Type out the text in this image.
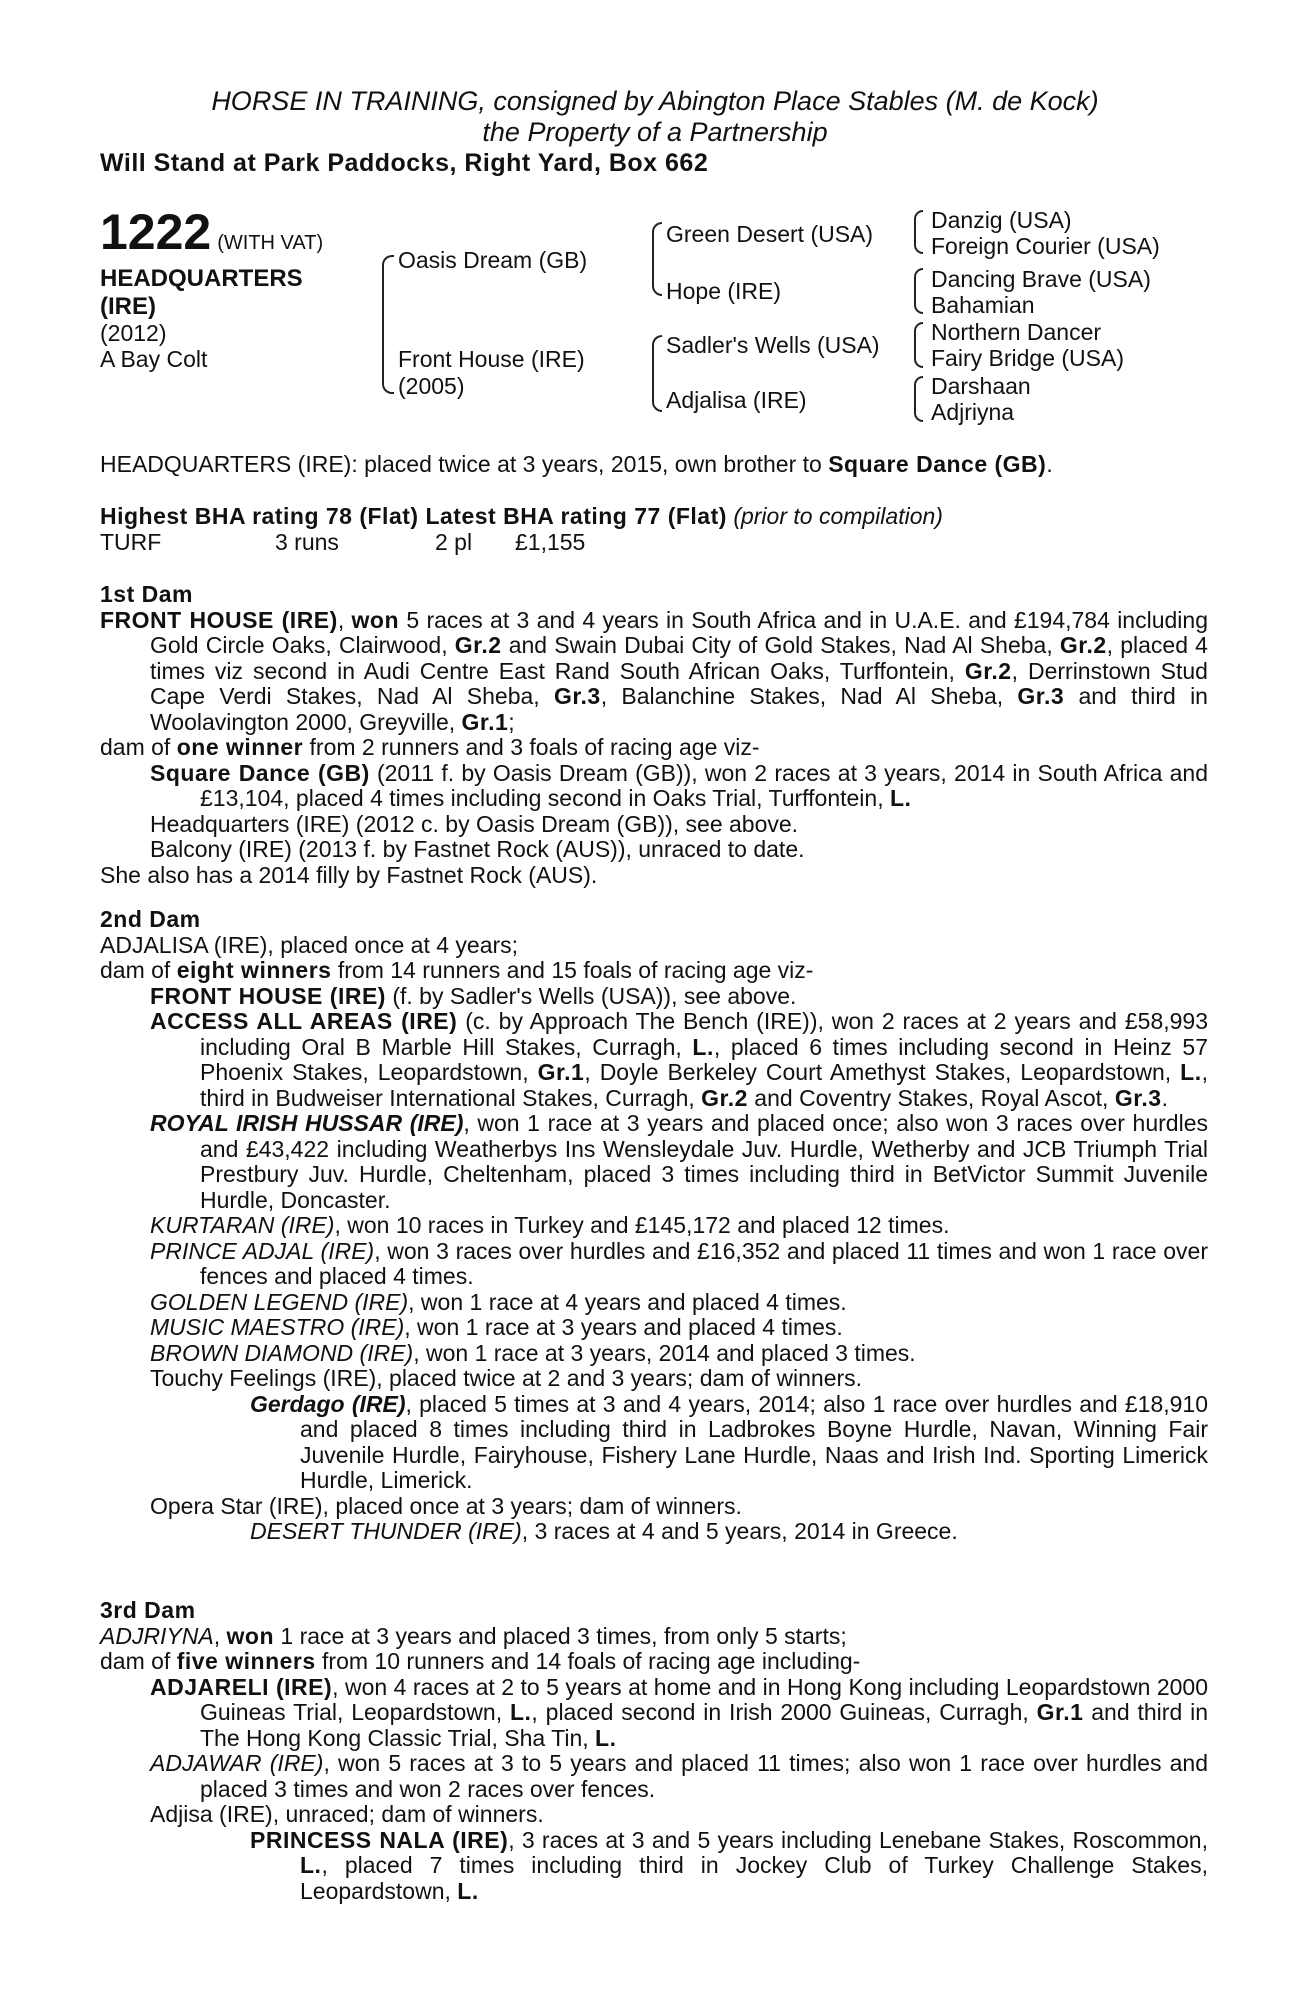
HORSE IN TRAINING, consigned by Abington Place Stables (M. de Kock)
the Property of a Partnership
Will Stand at Park Paddocks, Right Yard, Box 662
1222 (WITH VAT)
HEADQUARTERS
(IRE)
(2012)
A Bay Colt
Oasis Dream (GB)
Front House (IRE)
(2005)
Green Desert (USA)
Hope (IRE)
Sadler's Wells (USA)
Adjalisa (IRE)
Danzig (USA)
Foreign Courier (USA)
Dancing Brave (USA)
Bahamian
Northern Dancer
Fairy Bridge (USA)
Darshaan
Adjriyna

HEADQUARTERS (IRE): placed twice at 3 years, 2015, own brother to Square Dance (GB).

Highest BHA rating 78 (Flat) Latest BHA rating 77 (Flat) (prior to compilation)

TURF	3 runs	2 pl £1,155

1st Dam

FRONT HOUSE (IRE), won 5 races at 3 and 4 years in South Africa and in U.A.E. and £194,784 including Gold Circle Oaks, Clairwood, Gr.2 and Swain Dubai City of Gold Stakes, Nad Al Sheba, Gr.2, placed 4 times viz second in Audi Centre East Rand South African Oaks, Turffontein, Gr.2, Derrinstown Stud Cape Verdi Stakes, Nad Al Sheba, Gr.3, Balanchine Stakes, Nad Al Sheba, Gr.3 and third in Woolavington 2000, Greyville, Gr.1;

dam of one winner from 2 runners and 3 foals of racing age viz-

Square Dance (GB) (2011 f. by Oasis Dream (GB)), won 2 races at 3 years, 2014 in South Africa and £13,104, placed 4 times including second in Oaks Trial, Turffontein, L.

Headquarters (IRE) (2012 c. by Oasis Dream (GB)), see above.

Balcony (IRE) (2013 f. by Fastnet Rock (AUS)), unraced to date.

She also has a 2014 filly by Fastnet Rock (AUS).

2nd Dam

ADJALISA (IRE), placed once at 4 years;

dam of eight winners from 14 runners and 15 foals of racing age viz-

FRONT HOUSE (IRE) (f. by Sadler's Wells (USA)), see above.

ACCESS ALL AREAS (IRE) (c. by Approach The Bench (IRE)), won 2 races at 2 years and £58,993 including Oral B Marble Hill Stakes, Curragh, L., placed 6 times including second in Heinz 57 Phoenix Stakes, Leopardstown, Gr.1, Doyle Berkeley Court Amethyst Stakes, Leopardstown, L., third in Budweiser International Stakes, Curragh, Gr.2 and Coventry Stakes, Royal Ascot, Gr.3.

ROYAL IRISH HUSSAR (IRE), won 1 race at 3 years and placed once; also won 3 races over hurdles and £43,422 including Weatherbys Ins Wensleydale Juv. Hurdle, Wetherby and JCB Triumph Trial Prestbury Juv. Hurdle, Cheltenham, placed 3 times including third in BetVictor Summit Juvenile Hurdle, Doncaster.

KURTARAN (IRE), won 10 races in Turkey and £145,172 and placed 12 times.

PRINCE ADJAL (IRE), won 3 races over hurdles and £16,352 and placed 11 times and won 1 race over fences and placed 4 times.

GOLDEN LEGEND (IRE), won 1 race at 4 years and placed 4 times.

MUSIC MAESTRO (IRE), won 1 race at 3 years and placed 4 times.

BROWN DIAMOND (IRE), won 1 race at 3 years, 2014 and placed 3 times.

Touchy Feelings (IRE), placed twice at 2 and 3 years; dam of winners.

Gerdago (IRE), placed 5 times at 3 and 4 years, 2014; also 1 race over hurdles and £18,910 and placed 8 times including third in Ladbrokes Boyne Hurdle, Navan, Winning Fair Juvenile Hurdle, Fairyhouse, Fishery Lane Hurdle, Naas and Irish Ind. Sporting Limerick Hurdle, Limerick.

Opera Star (IRE), placed once at 3 years; dam of winners.

DESERT THUNDER (IRE), 3 races at 4 and 5 years, 2014 in Greece.

3rd Dam

ADJRIYNA, won 1 race at 3 years and placed 3 times, from only 5 starts;

dam of five winners from 10 runners and 14 foals of racing age including-

ADJARELI (IRE), won 4 races at 2 to 5 years at home and in Hong Kong including Leopardstown 2000 Guineas Trial, Leopardstown, L., placed second in Irish 2000 Guineas, Curragh, Gr.1 and third in The Hong Kong Classic Trial, Sha Tin, L.

ADJAWAR (IRE), won 5 races at 3 to 5 years and placed 11 times; also won 1 race over hurdles and placed 3 times and won 2 races over fences.

Adjisa (IRE), unraced; dam of winners.

PRINCESS NALA (IRE), 3 races at 3 and 5 years including Lenebane Stakes, Roscommon, L., placed 7 times including third in Jockey Club of Turkey Challenge Stakes, Leopardstown, L.
